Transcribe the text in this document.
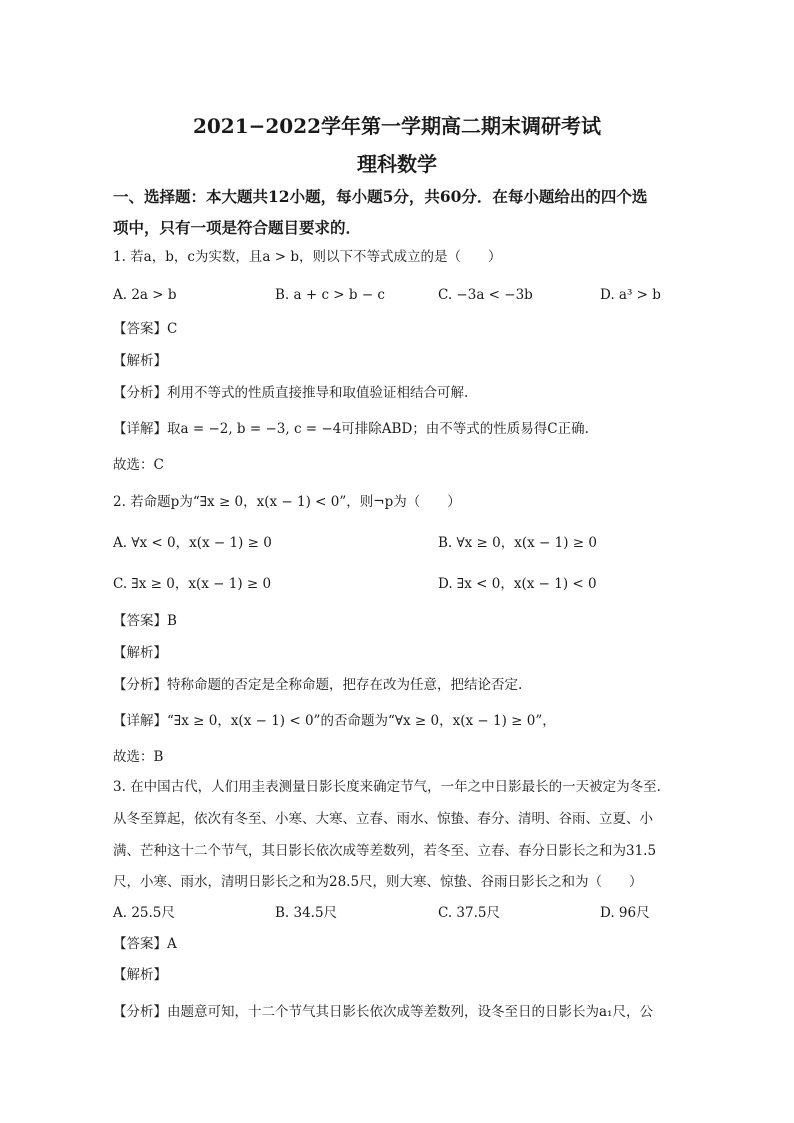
2021−2022学年第一学期高二期末调研考试
理科数学
一、选择题：本大题共12小题，每小题5分，共60分．在每小题给出的四个选
项中，只有一项是符合题目要求的．
1. 若a，b，c为实数，且a > b，则以下不等式成立的是（　　）
A. 2a > b	B. a + c > b − c	C. −3a < −3b	D. a³ > b
【答案】C
【解析】
【分析】利用不等式的性质直接推导和取值验证相结合可解.
【详解】取a = −2, b = −3, c = −4可排除ABD；由不等式的性质易得C正确.
故选：C
2. 若命题p为“∃x ≥ 0，x(x − 1) < 0”，则¬p为（　　）
A. ∀x < 0，x(x − 1) ≥ 0	B. ∀x ≥ 0，x(x − 1) ≥ 0
C. ∃x ≥ 0，x(x − 1) ≥ 0	D. ∃x < 0，x(x − 1) < 0
【答案】B
【解析】
【分析】特称命题的否定是全称命题，把存在改为任意，把结论否定.
【详解】“∃x ≥ 0，x(x − 1) < 0”的否命题为“∀x ≥ 0，x(x − 1) ≥ 0”，
故选：B
3. 在中国古代，人们用圭表测量日影长度来确定节气，一年之中日影最长的一天被定为冬至.
从冬至算起，依次有冬至、小寒、大寒、立春、雨水、惊蛰、春分、清明、谷雨、立夏、小
满、芒种这十二个节气，其日影长依次成等差数列，若冬至、立春、春分日影长之和为31.5
尺，小寒、雨水，清明日影长之和为28.5尺，则大寒、惊蛰、谷雨日影长之和为（　　）
A. 25.5尺	B. 34.5尺	C. 37.5尺	D. 96尺
【答案】A
【解析】
【分析】由题意可知，十二个节气其日影长依次成等差数列，设冬至日的日影长为a₁尺，公
